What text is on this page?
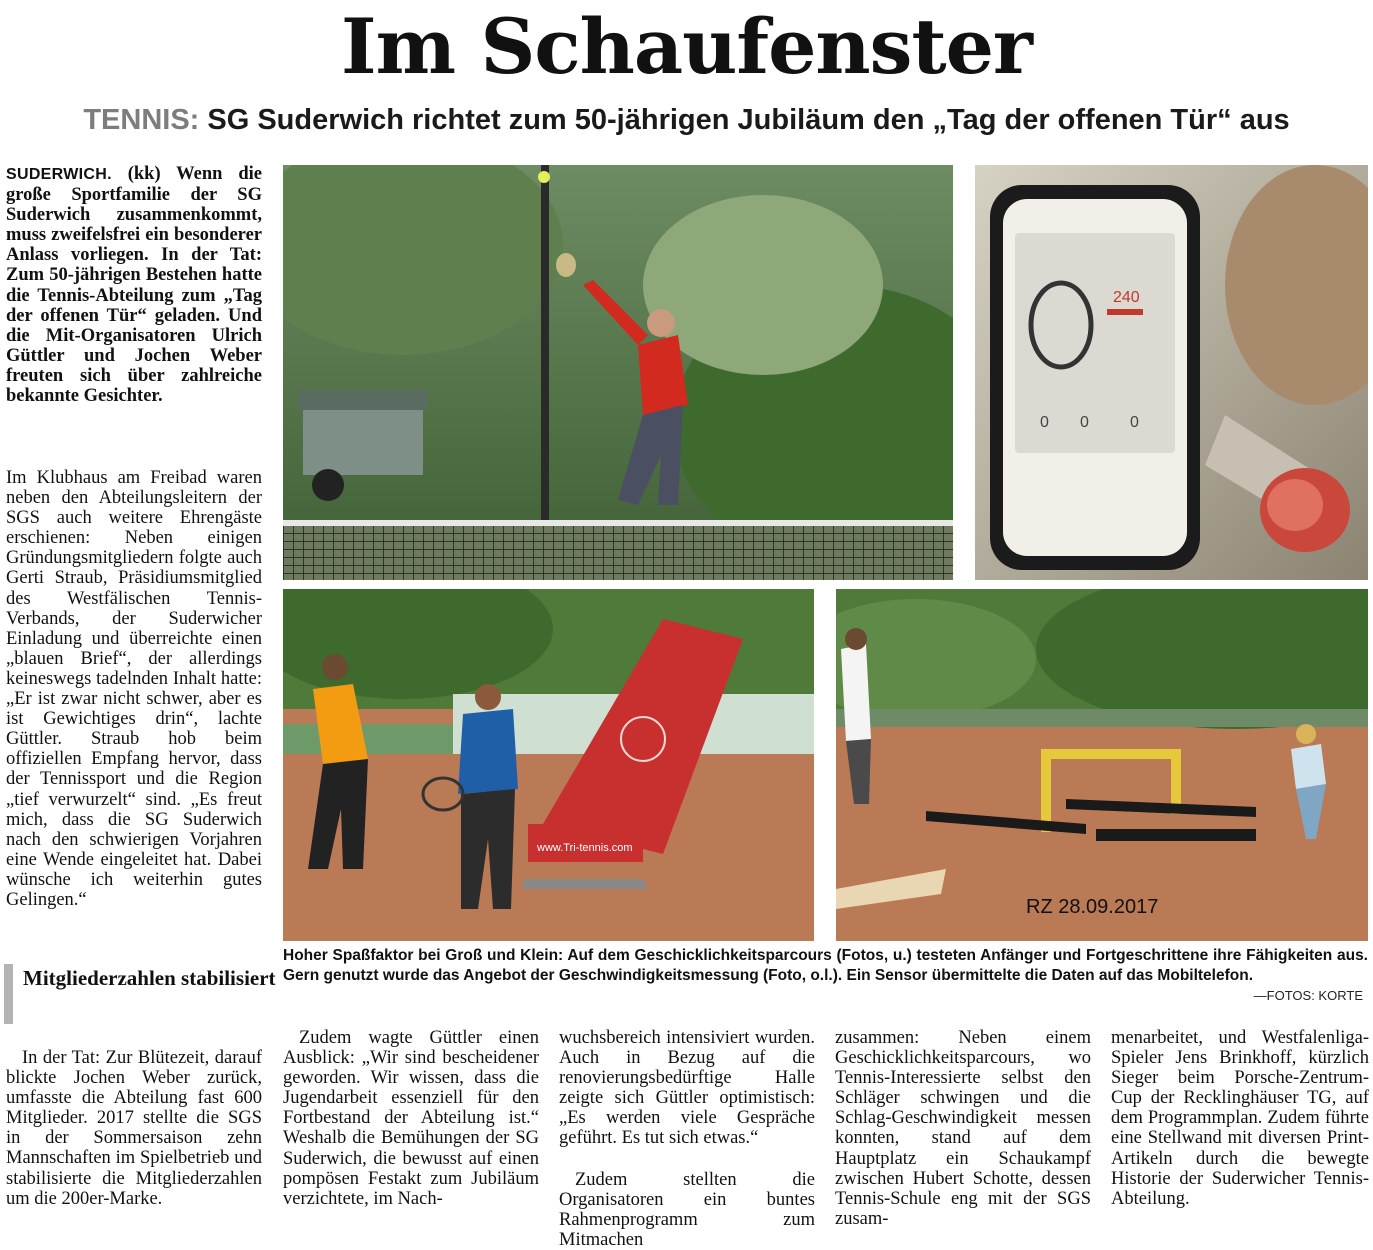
Im Schaufenster
TENNIS: SG Suderwich richtet zum 50-jährigen Jubiläum den „Tag der offenen Tür“ aus
SUDERWICH. (kk) Wenn die große Sportfamilie der SG Suderwich zusammenkommt, muss zweifelsfrei ein besonderer Anlass vorliegen. In der Tat: Zum 50-jährigen Bestehen hatte die Tennis-Abteilung zum „Tag der offenen Tür“ geladen. Und die Mit-Organisatoren Ulrich Güttler und Jochen Weber freuten sich über zahlreiche bekannte Gesichter.
Im Klubhaus am Freibad waren neben den Abteilungsleitern der SGS auch weitere Ehrengäste erschienen: Neben einigen Gründungsmitgliedern folgte auch Gerti Straub, Präsidiumsmitglied des Westfälischen Tennis-Verbands, der Suderwicher Einladung und überreichte einen „blauen Brief“, der allerdings keineswegs tadelnden Inhalt hatte: „Er ist zwar nicht schwer, aber es ist Gewichtiges drin“, lachte Güttler. Straub hob beim offiziellen Empfang hervor, dass der Tennissport und die Region „tief verwurzelt“ sind. „Es freut mich, dass die SG Suderwich nach den schwierigen Vorjahren eine Wende eingeleitet hat. Dabei wünsche ich weiterhin gutes Gelingen.“
Mitgliederzahlen stabilisiert
In der Tat: Zur Blütezeit, darauf blickte Jochen Weber zurück, umfasste die Abteilung fast 600 Mitglieder. 2017 stellte die SGS in der Sommersaison zehn Mannschaften im Spielbetrieb und stabilisierte die Mitgliederzahlen um die 200er-Marke.
Zudem wagte Güttler einen Ausblick: „Wir sind bescheidener geworden. Wir wissen, dass die Jugendarbeit essenziell für den Fortbestand der Abteilung ist.“ Weshalb die Bemühungen der SG Suderwich, die bewusst auf einen pompösen Festakt zum Jubiläum verzichtete, im Nach-
wuchsbereich intensiviert wurden. Auch in Bezug auf die renovierungsbedürftige Halle zeigte sich Güttler optimistisch: „Es werden viele Gespräche geführt. Es tut sich etwas.“
Zudem stellten die Organisatoren ein buntes Rahmenprogramm zum Mitmachen
zusammen: Neben einem Geschicklichkeitsparcours, wo Tennis-Interessierte selbst den Schläger schwingen und die Schlag-Geschwindigkeit messen konnten, stand auf dem Hauptplatz ein Schaukampf zwischen Hubert Schotte, dessen Tennis-Schule eng mit der SGS zusam-
menarbeitet, und Westfalenliga-Spieler Jens Brinkhoff, kürzlich Sieger beim Porsche-Zentrum-Cup der Recklinghäuser TG, auf dem Programmplan. Zudem führte eine Stellwand mit diversen Print-Artikeln durch die bewegte Historie der Suderwicher Tennis-Abteilung.
240
0 0	0
www.Tri-tennis.com
RZ 28.09.2017
Hoher Spaßfaktor bei Groß und Klein: Auf dem Geschicklichkeitsparcours (Fotos, u.) testeten Anfänger und Fortgeschrittene ihre Fähigkeiten aus. Gern genutzt wurde das Angebot der Geschwindigkeitsmessung (Foto, o.l.). Ein Sensor übermittelte die Daten auf das Mobiltelefon.
—FOTOS: KORTE
